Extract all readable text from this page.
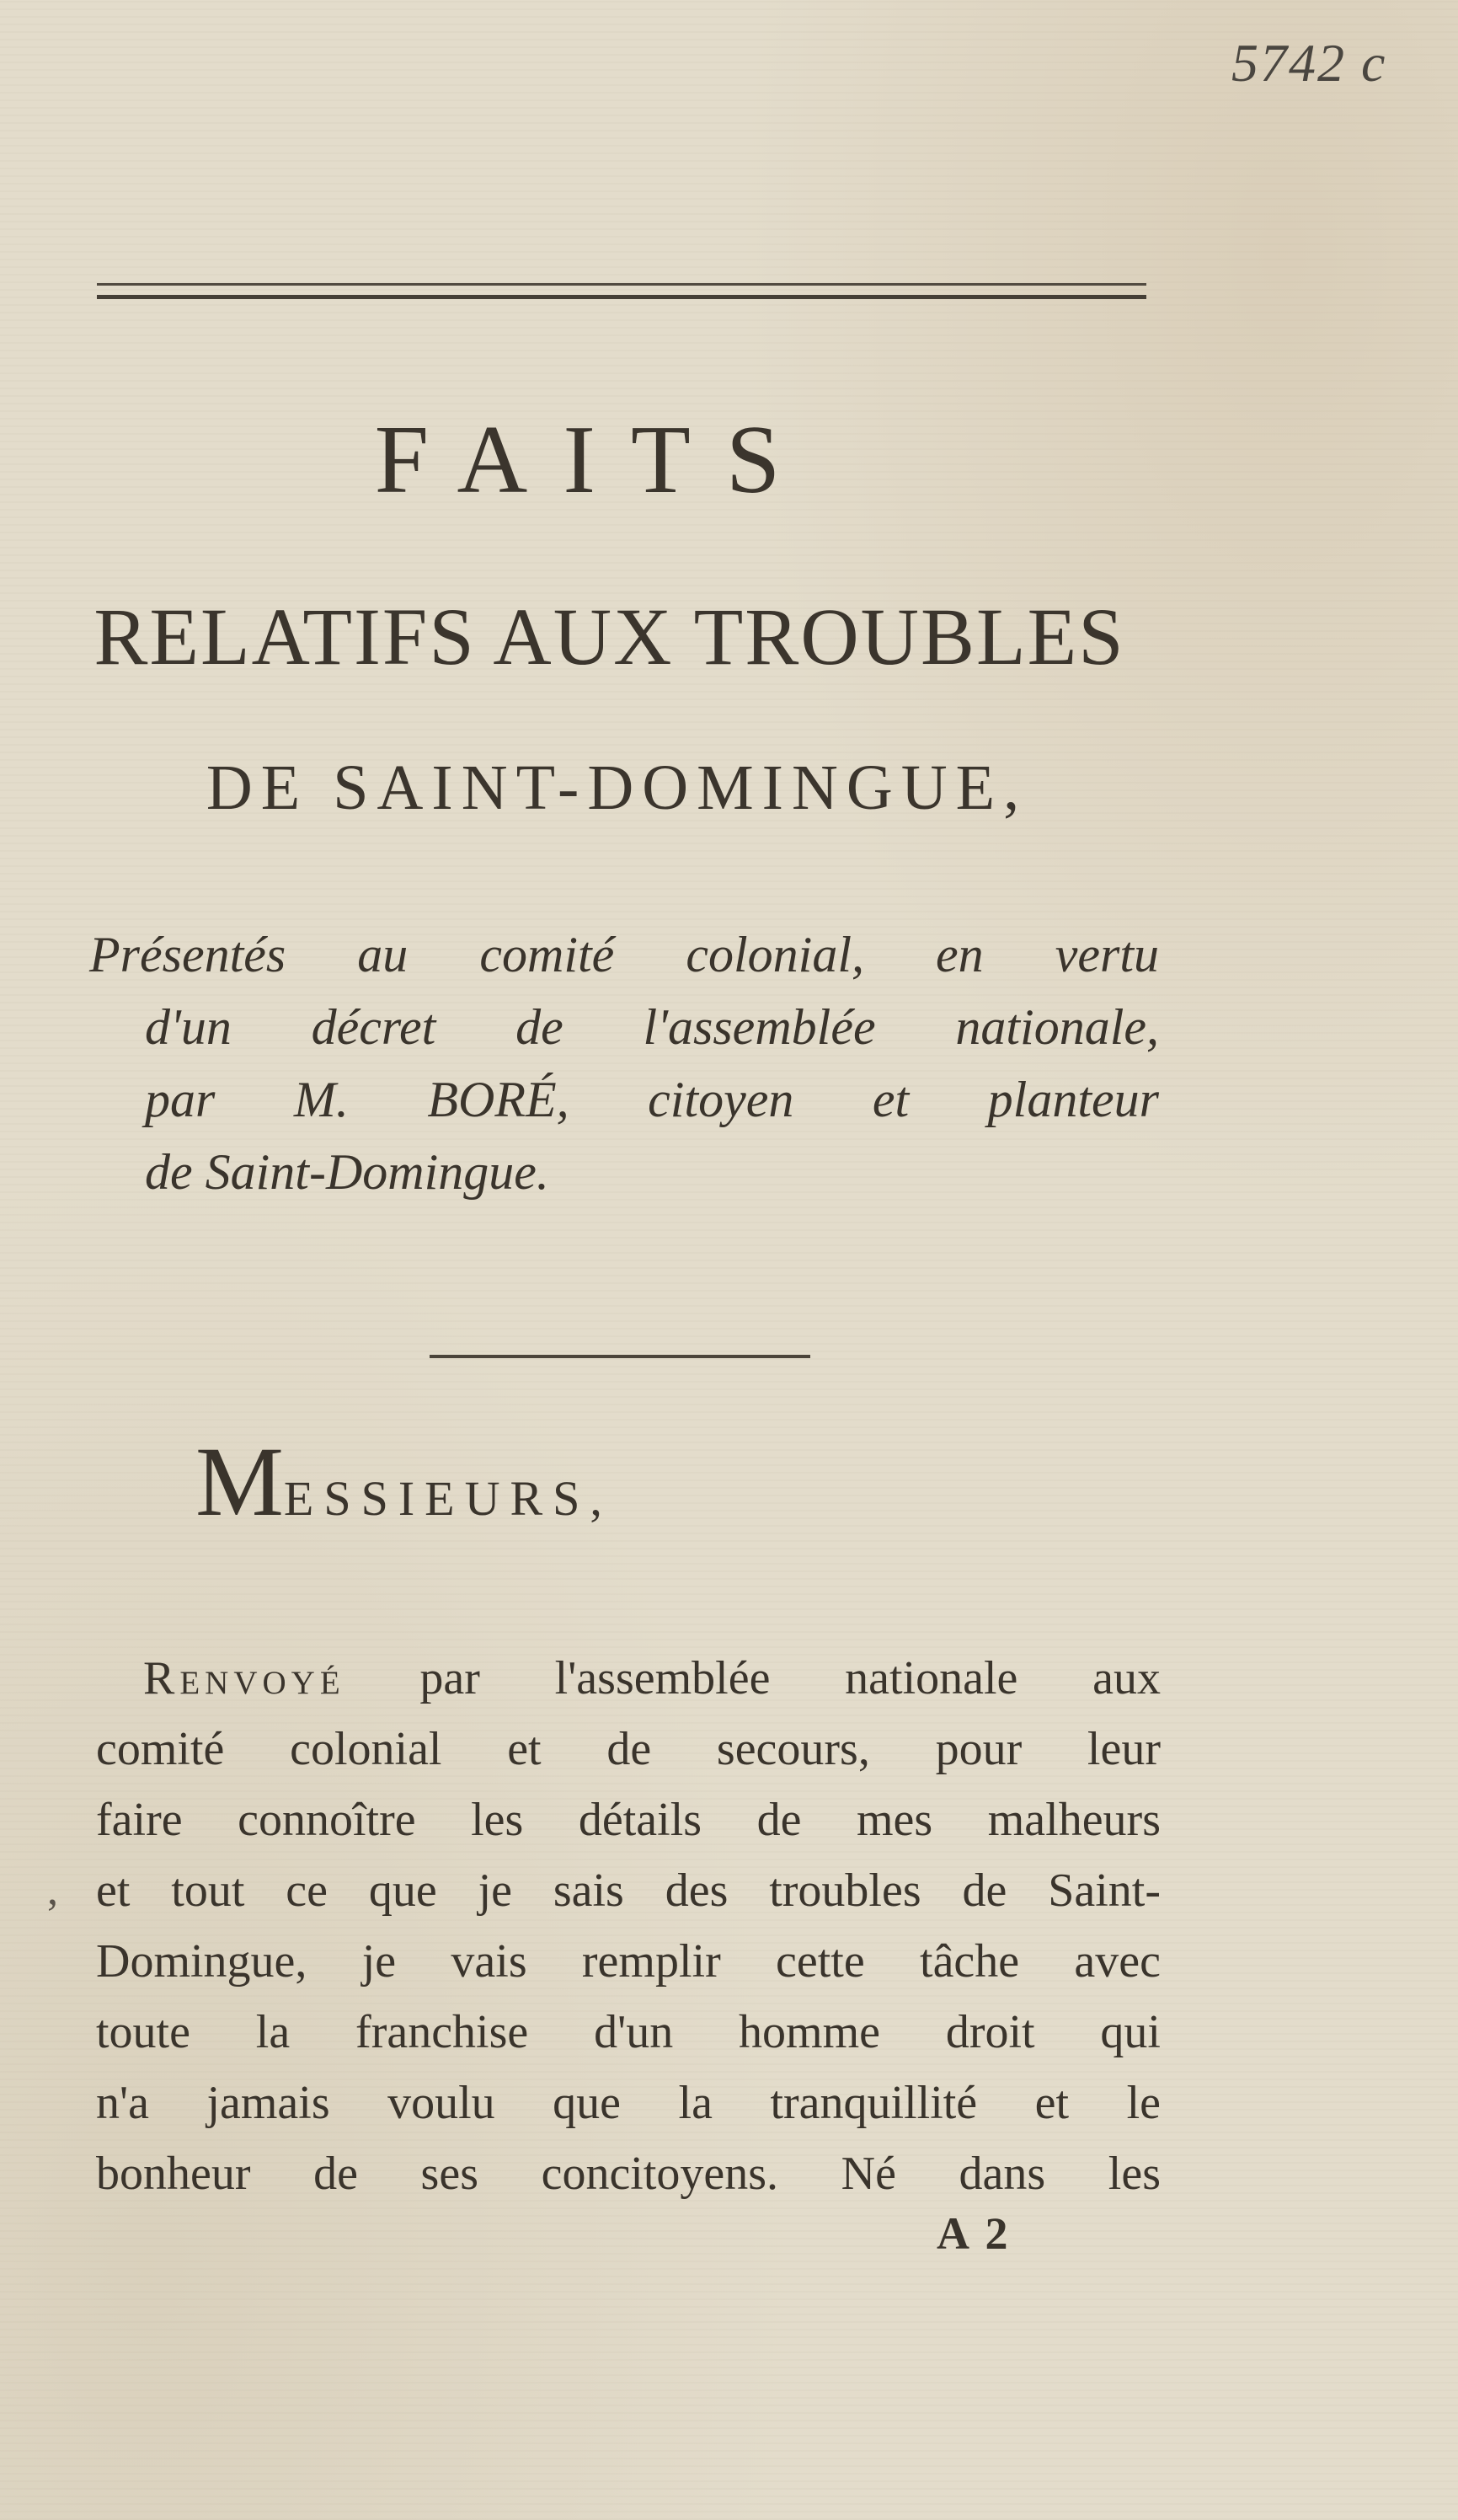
5742 c
FAITS
RELATIFS AUX TROUBLES
DE SAINT-DOMINGUE,
Présentés au comité colonial, en vertu
d'un décret de l'assemblée nationale,
par M. BORÉ, citoyen et planteur
de Saint-Domingue.
MESSIEURS,
,
Renvoyé par l'assemblée nationale aux
comité colonial et de secours, pour leur
faire connoître les détails de mes malheurs
et tout ce que je sais des troubles de Saint-
Domingue, je vais remplir cette tâche avec
toute la franchise d'un homme droit qui
n'a jamais voulu que la tranquillité et le
bonheur de ses concitoyens. Né dans les
A 2
